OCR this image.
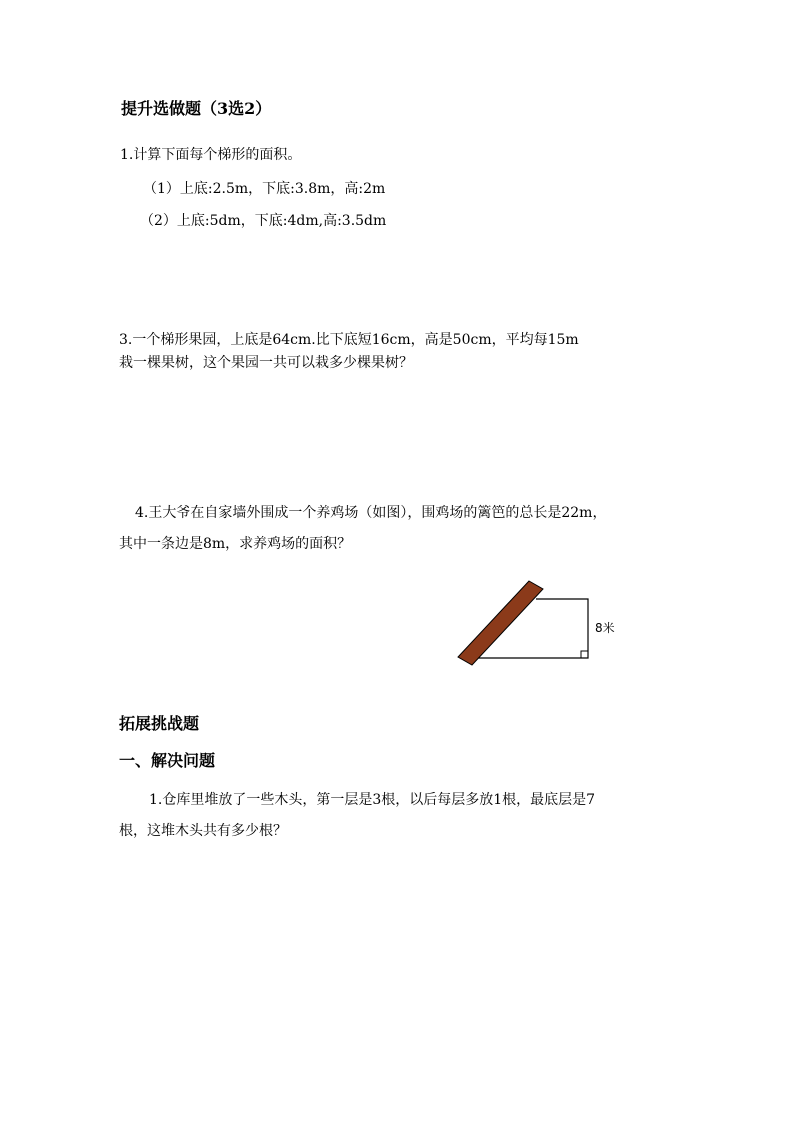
提升选做题（3选2）
1.计算下面每个梯形的面积。
（1）上底:2.5m，下底:3.8m，高:2m
（2）上底:5dm，下底:4dm,高:3.5dm
3.一个梯形果园，上底是64cm.比下底短16cm，高是50cm，平均每15m
栽一棵果树，这个果园一共可以栽多少棵果树？
4.王大爷在自家墙外围成一个养鸡场（如图），围鸡场的篱笆的总长是22m，
其中一条边是8m，求养鸡场的面积？
8米
拓展挑战题
一、解决问题
1.仓库里堆放了一些木头，第一层是3根，以后每层多放1根，最底层是7
根，这堆木头共有多少根？
